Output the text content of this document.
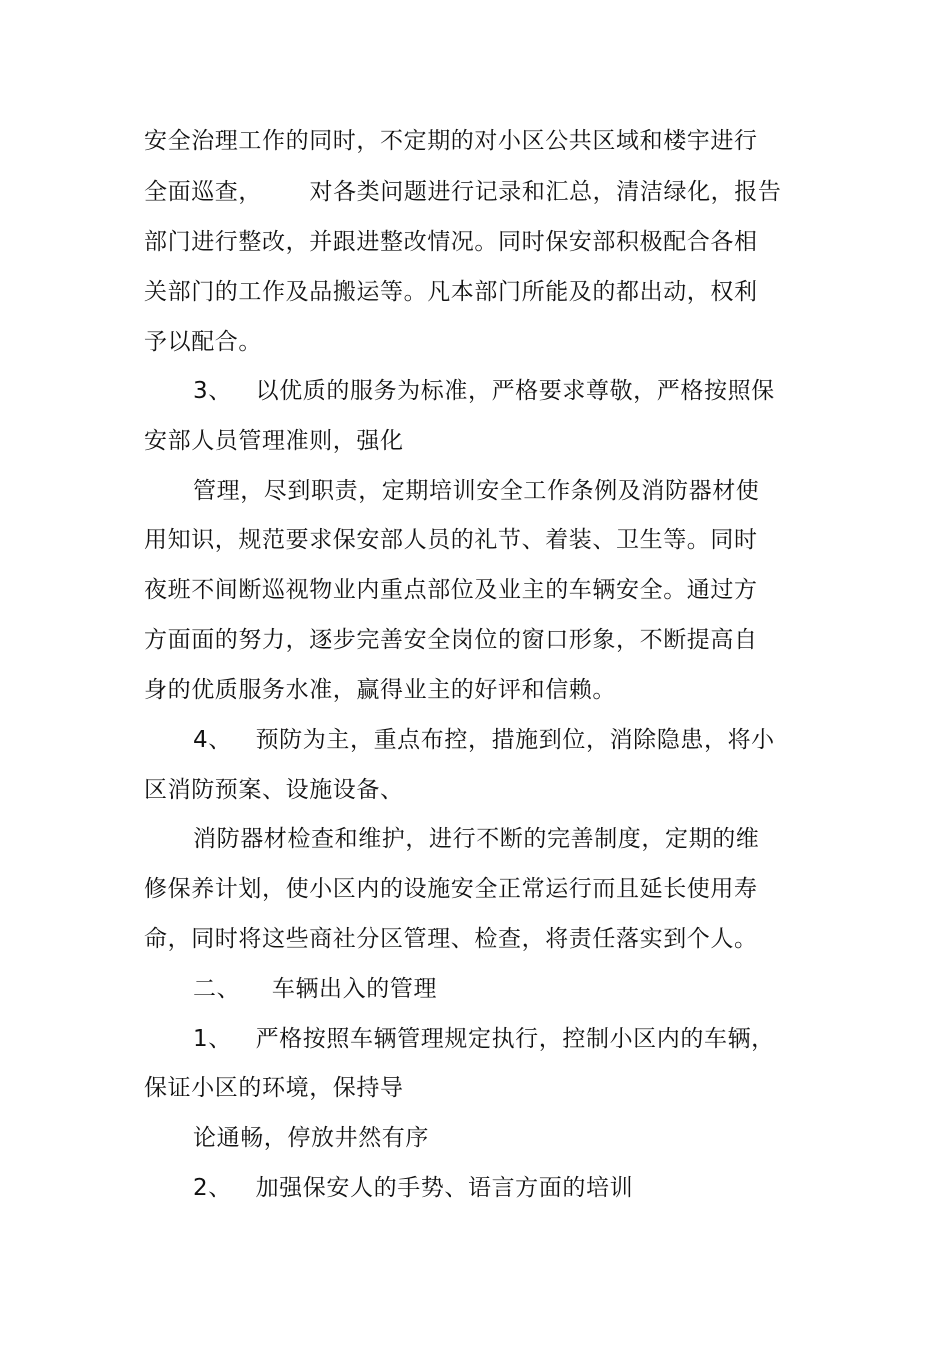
安全治理工作的同时，不定期的对小区公共区域和楼宇进行
全面巡查，      对各类问题进行记录和汇总，清洁绿化，报告
部门进行整改，并跟进整改情况。同时保安部积极配合各相
关部门的工作及品搬运等。凡本部门所能及的都出动，权利
予以配合。
3、   以优质的服务为标准，严格要求尊敬，严格按照保
安部人员管理准则，强化
管理，尽到职责，定期培训安全工作条例及消防器材使
用知识，规范要求保安部人员的礼节、着装、卫生等。同时
夜班不间断巡视物业内重点部位及业主的车辆安全。通过方
方面面的努力，逐步完善安全岗位的窗口形象，不断提高自
身的优质服务水准，赢得业主的好评和信赖。
4、   预防为主，重点布控，措施到位，消除隐患，将小
区消防预案、设施设备、
消防器材检查和维护，进行不断的完善制度，定期的维
修保养计划，使小区内的设施安全正常运行而且延长使用寿
命，同时将这些商社分区管理、检查，将责任落实到个人。
二、    车辆出入的管理
1、   严格按照车辆管理规定执行，控制小区内的车辆，
保证小区的环境，保持导
论通畅，停放井然有序
2、   加强保安人的手势、语言方面的培训
